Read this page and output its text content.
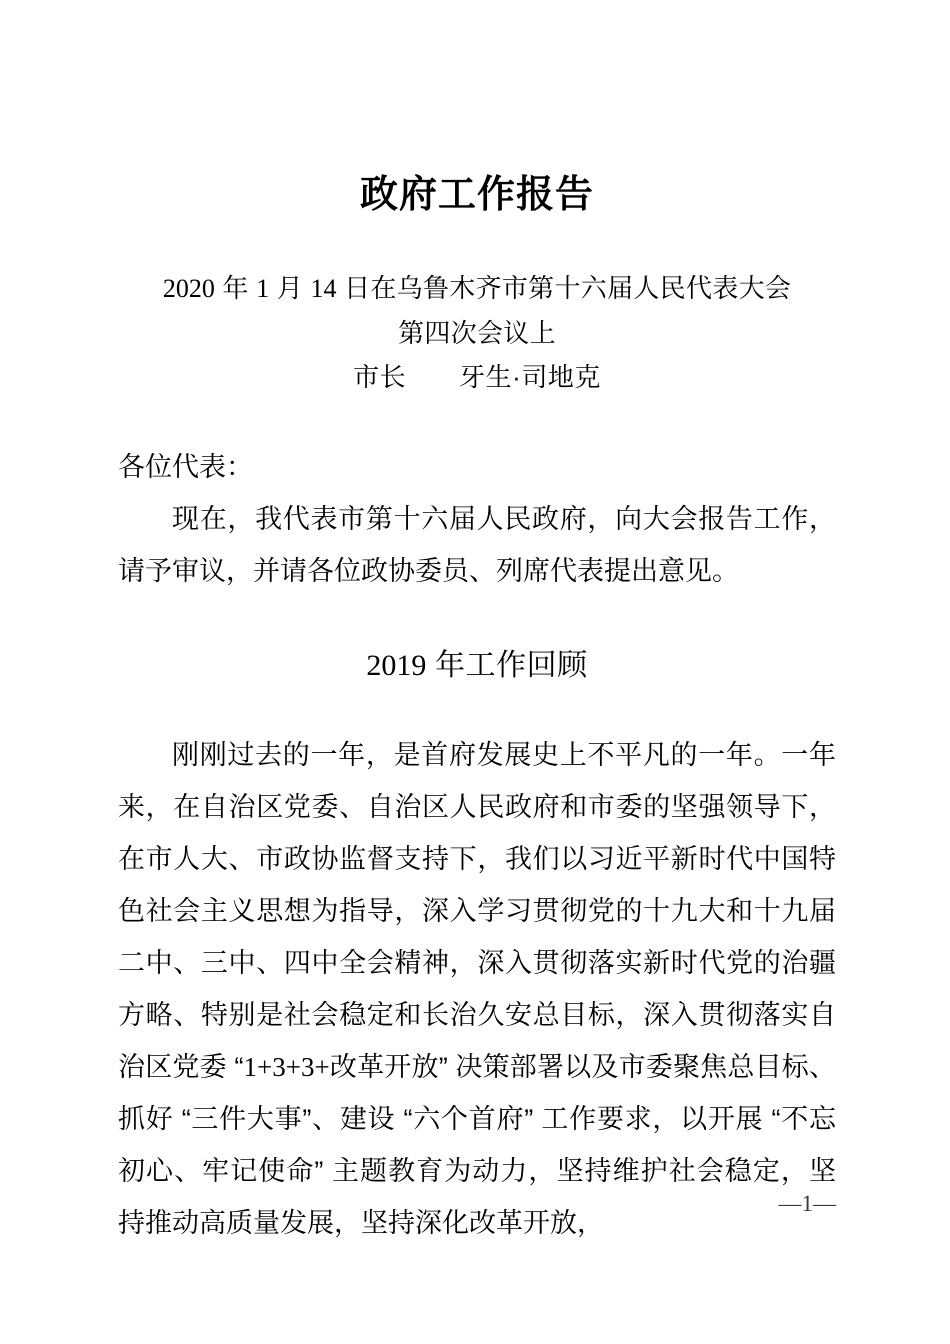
政府工作报告

2020 年 1 月 14 日在乌鲁木齐市第十六届人民代表大会

第四次会议上

市长　　牙生·司地克

各位代表：

现在，我代表市第十六届人民政府，向大会报告工作，请予审议，并请各位政协委员、列席代表提出意见。

2019 年工作回顾

刚刚过去的一年，是首府发展史上不平凡的一年。一年来，在自治区党委、自治区人民政府和市委的坚强领导下，在市人大、市政协监督支持下，我们以习近平新时代中国特色社会主义思想为指导，深入学习贯彻党的十九大和十九届二中、三中、四中全会精神，深入贯彻落实新时代党的治疆方略、特别是社会稳定和长治久安总目标，深入贯彻落实自治区党委 “1+3+3+改革开放” 决策部署以及市委聚焦总目标、抓好 “三件大事”、建设 “六个首府” 工作要求，以开展 “不忘初心、牢记使命” 主题教育为动力，坚持维护社会稳定，坚持推动高质量发展，坚持深化改革开放，

—1—
